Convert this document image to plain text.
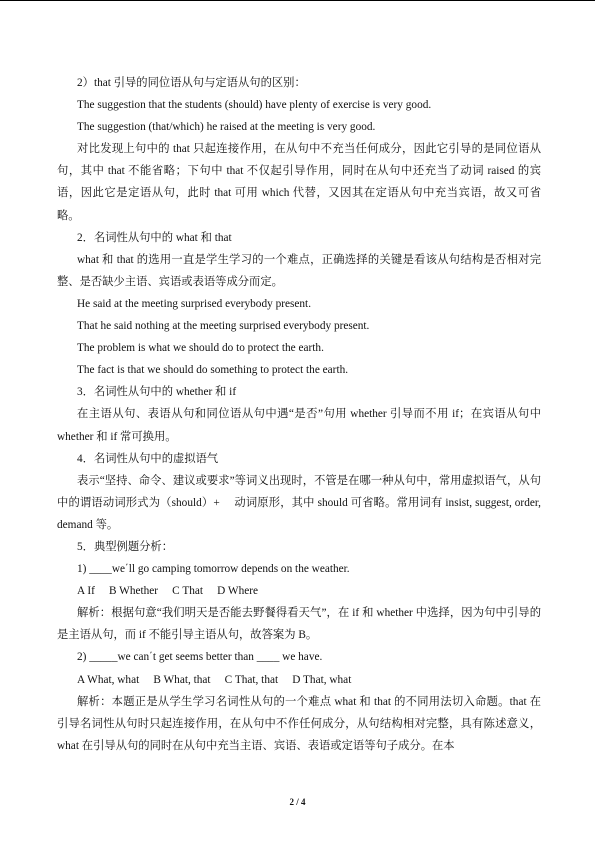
2）that 引导的同位语从句与定语从句的区别：

The suggestion that the students (should) have plenty of exercise is very good.

The suggestion (that/which) he raised at the meeting is very good.

对比发现上句中的 that 只起连接作用，在从句中不充当任何成分，因此它引导的是同位语从句，其中 that 不能省略；下句中 that 不仅起引导作用，同时在从句中还充当了动词 raised 的宾语，因此它是定语从句，此时 that 可用 which 代替，又因其在定语从句中充当宾语，故又可省略。

2．名词性从句中的 what 和 that

what 和 that 的选用一直是学生学习的一个难点，正确选择的关键是看该从句结构是否相对完整、是否缺少主语、宾语或表语等成分而定。

He said at the meeting surprised everybody present.

That he said nothing at the meeting surprised everybody present.

The problem is what we should do to protect the earth.

The fact is that we should do something to protect the earth.

3．名词性从句中的 whether 和 if

在主语从句、表语从句和同位语从句中遇“是否”句用 whether 引导而不用 if；在宾语从句中 whether 和 if 常可换用。

4．名词性从句中的虚拟语气

表示“坚持、命令、建议或要求”等词义出现时，不管是在哪一种从句中，常用虚拟语气，从句中的谓语动词形式为（should）+　 动词原形，其中 should 可省略。常用词有 insist, suggest, order, demand 等。

5．典型例题分析：

1) ____we΄ll go camping tomorrow depends on the weather.

A If　 B Whether　 C That　 D Where

解析：根据句意“我们明天是否能去野餐得看天气”，在 if 和 whether 中选择，因为句中引导的是主语从句，而 if 不能引导主语从句，故答案为 B。

2) _____we can΄t get seems better than ____ we have.

A What, what　 B What, that　 C That, that　 D That, what

解析：本题正是从学生学习名词性从句的一个难点 what 和 that 的不同用法切入命题。that 在引导名词性从句时只起连接作用，在从句中不作任何成分，从句结构相对完整，具有陈述意义，what 在引导从句的同时在从句中充当主语、宾语、表语或定语等句子成分。在本

2 / 4
